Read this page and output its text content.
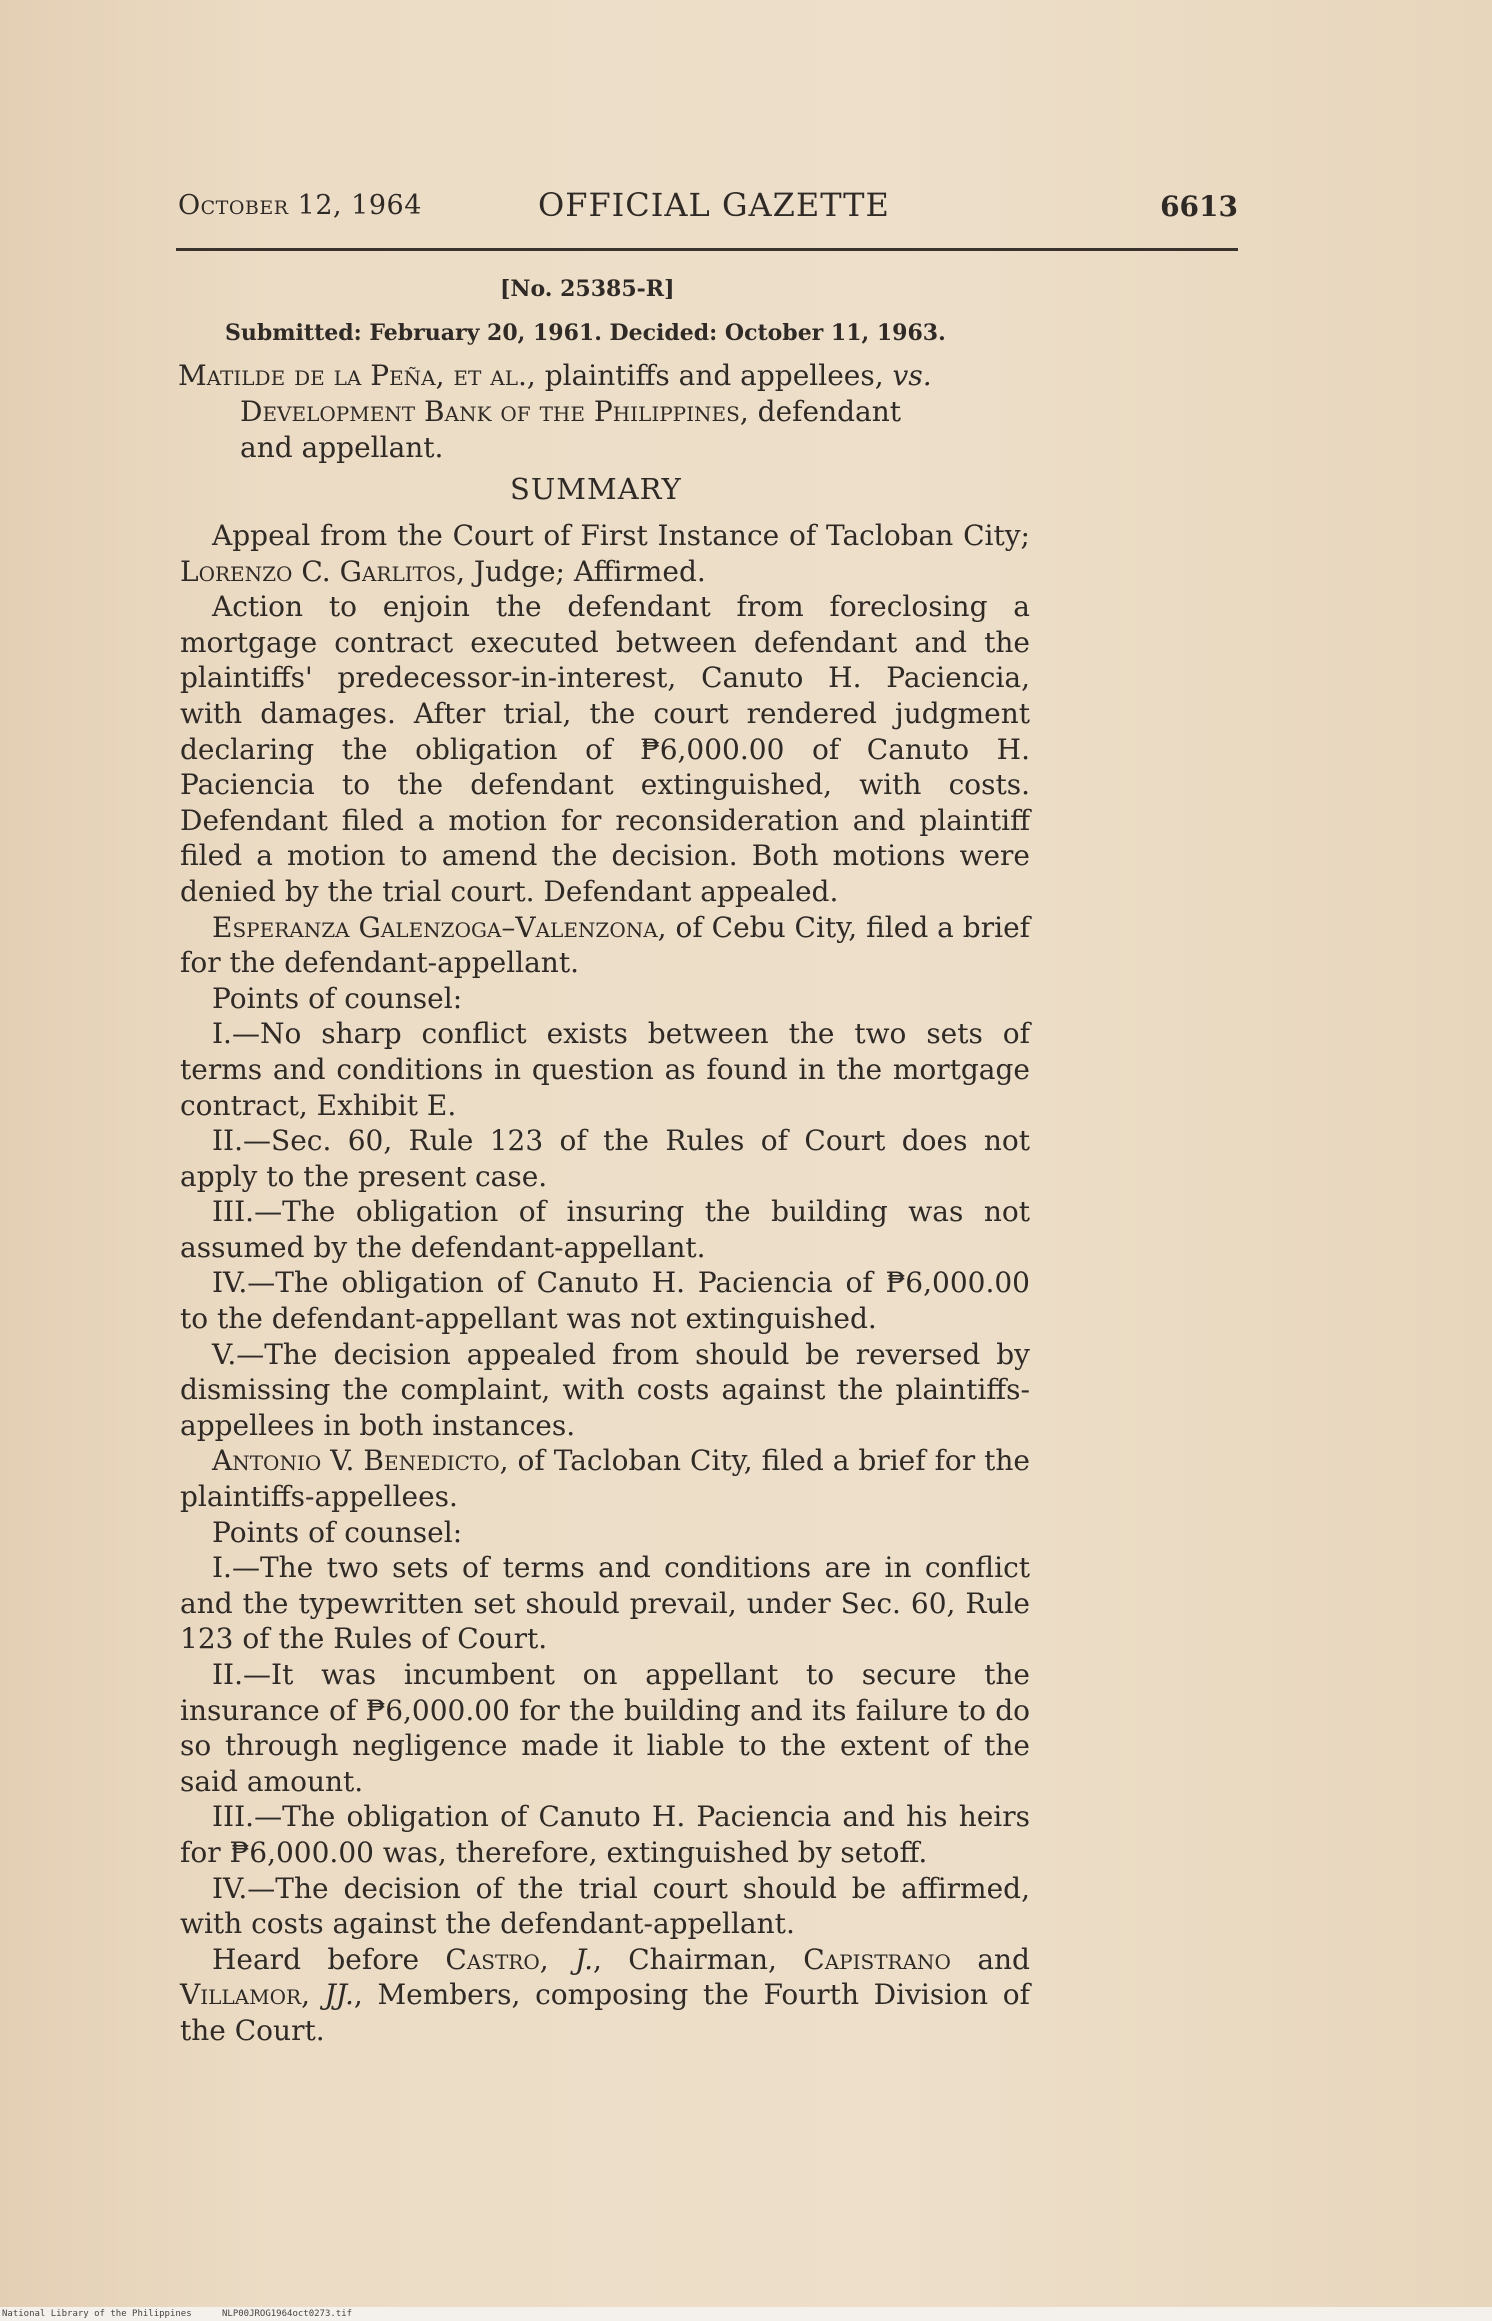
October 12, 1964	OFFICIAL GAZETTE	6613
[No. 25385-R]
Submitted: February 20, 1961. Decided: October 11, 1963.
Matilde de la Peña, et al., plaintiffs and appellees, vs.
Development Bank of the Philippines, defendant
and appellant.
SUMMARY

Appeal from the Court of First Instance of Tacloban City; Lorenzo C. Garlitos, Judge; Affirmed.

Action to enjoin the defendant from foreclosing a mortgage contract executed between defendant and the plaintiffs' predecessor-in-interest, Canuto H. Paciencia, with damages. After trial, the court rendered judgment declaring the obligation of ₱6,000.00 of Canuto H. Paciencia to the defendant extinguished, with costs. Defendant filed a motion for reconsideration and plaintiff filed a motion to amend the decision. Both motions were denied by the trial court. Defendant appealed.

Esperanza Galenzoga–Valenzona, of Cebu City, filed a brief for the defendant-appellant.

Points of counsel:

I.—No sharp conflict exists between the two sets of terms and conditions in question as found in the mortgage contract, Exhibit E.

II.—Sec. 60, Rule 123 of the Rules of Court does not apply to the present case.

III.—The obligation of insuring the building was not assumed by the defendant-appellant.

IV.—The obligation of Canuto H. Paciencia of ₱6,000.00 to the defendant-appellant was not extinguished.

V.—The decision appealed from should be reversed by dismissing the complaint, with costs against the plaintiffs-appellees in both instances.

Antonio V. Benedicto, of Tacloban City, filed a brief for the plaintiffs-appellees.

Points of counsel:

I.—The two sets of terms and conditions are in conflict and the typewritten set should prevail, under Sec. 60, Rule 123 of the Rules of Court.

II.—It was incumbent on appellant to secure the insurance of ₱6,000.00 for the building and its failure to do so through negligence made it liable to the extent of the said amount.

III.—The obligation of Canuto H. Paciencia and his heirs for ₱6,000.00 was, therefore, extinguished by setoff.

IV.—The decision of the trial court should be affirmed, with costs against the defendant-appellant.

Heard before Castro, J., Chairman, Capistrano and Villamor, JJ., Members, composing the Fourth Division of the Court.

National Library of the Philippines	NLP00JROG1964oct0273.tif
